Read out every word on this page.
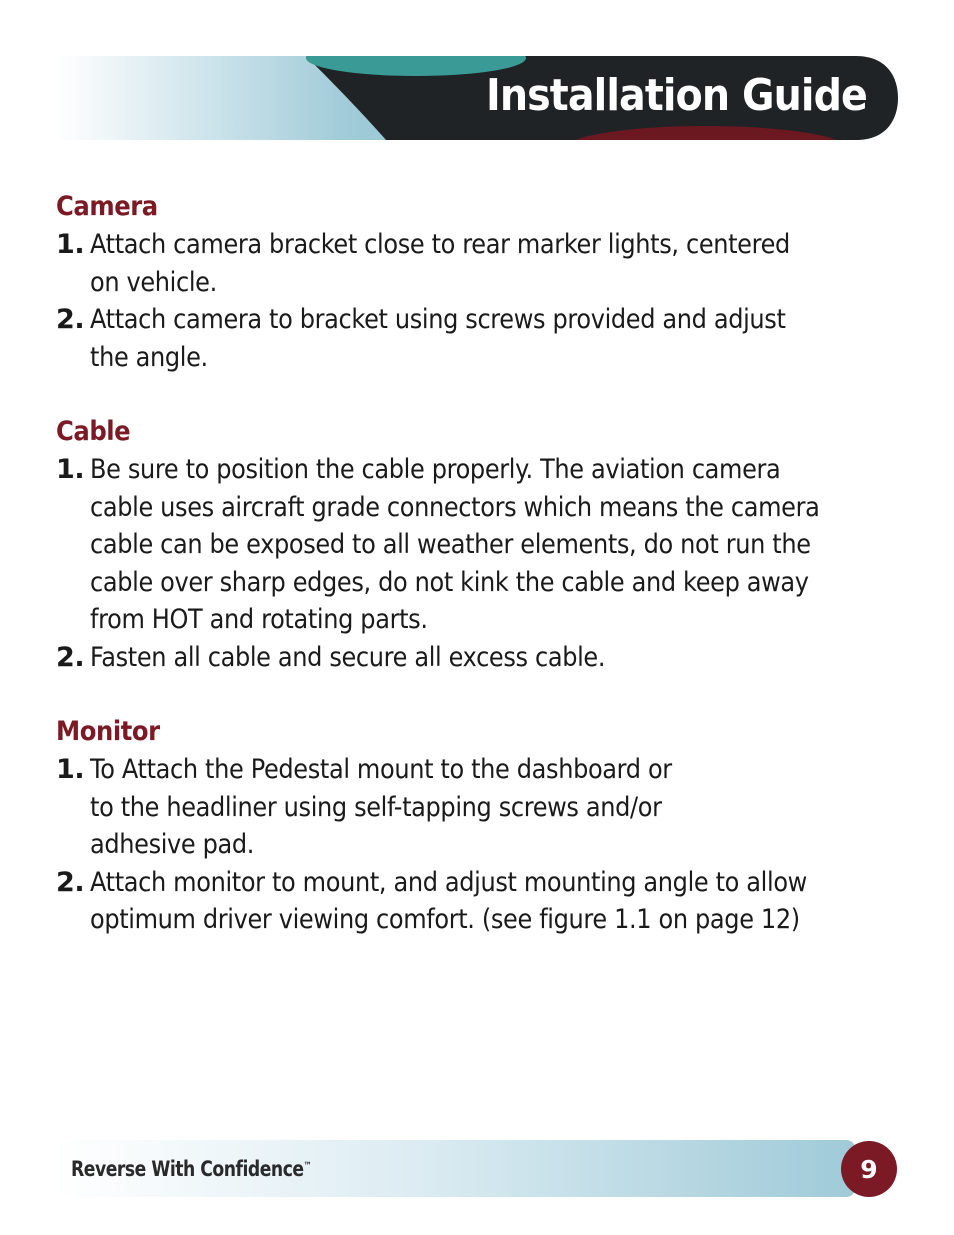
Installation Guide
Camera
1. Attach camera bracket close to rear marker lights, centered
on vehicle.
2. Attach camera to bracket using screws provided and adjust
the angle.
Cable
1. Be sure to position the cable properly. The aviation camera
cable uses aircraft grade connectors which means the camera
cable can be exposed to all weather elements, do not run the
cable over sharp edges, do not kink the cable and keep away
from HOT and rotating parts.
2. Fasten all cable and secure all excess cable.
Monitor
1. To Attach the Pedestal mount to the dashboard or
to the headliner using self-tapping screws and/or
adhesive pad.
2. Attach monitor to mount, and adjust mounting angle to allow
optimum driver viewing comfort. (see figure 1.1 on page 12)
Reverse With Confidence™	9
